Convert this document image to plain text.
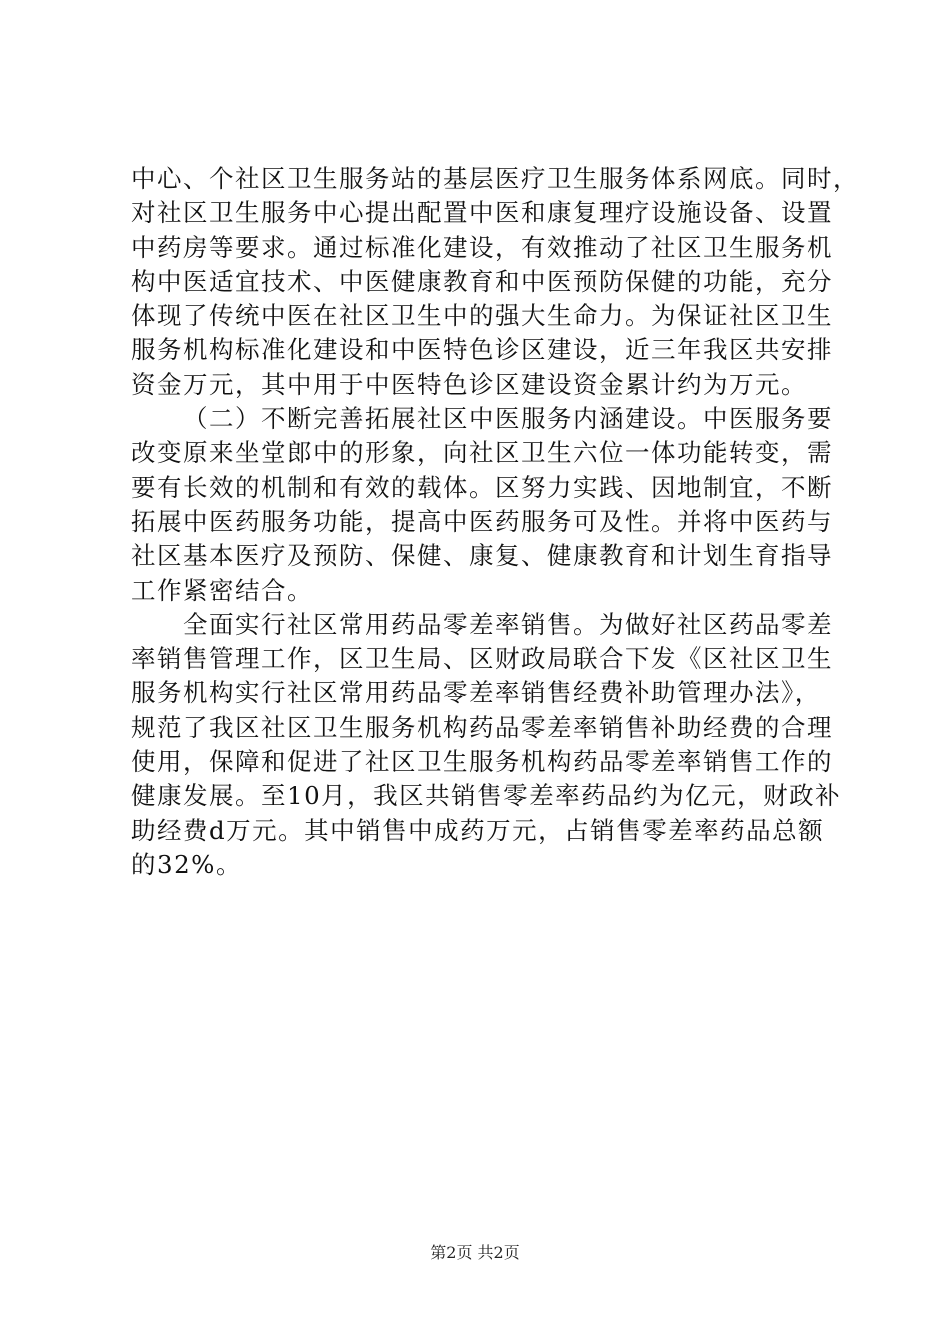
中心、个社区卫生服务站的基层医疗卫生服务体系网底。同时，
对社区卫生服务中心提出配置中医和康复理疗设施设备、设置
中药房等要求。通过标准化建设，有效推动了社区卫生服务机
构中医适宜技术、中医健康教育和中医预防保健的功能，充分
体现了传统中医在社区卫生中的强大生命力。为保证社区卫生
服务机构标准化建设和中医特色诊区建设，近三年我区共安排
资金万元，其中用于中医特色诊区建设资金累计约为万元。

（二）不断完善拓展社区中医服务内涵建设。中医服务要
改变原来坐堂郎中的形象，向社区卫生六位一体功能转变，需
要有长效的机制和有效的载体。区努力实践、因地制宜，不断
拓展中医药服务功能，提高中医药服务可及性。并将中医药与
社区基本医疗及预防、保健、康复、健康教育和计划生育指导
工作紧密结合。

全面实行社区常用药品零差率销售。为做好社区药品零差
率销售管理工作，区卫生局、区财政局联合下发《区社区卫生
服务机构实行社区常用药品零差率销售经费补助管理办法》，
规范了我区社区卫生服务机构药品零差率销售补助经费的合理
使用，保障和促进了社区卫生服务机构药品零差率销售工作的
健康发展。至10月，我区共销售零差率药品约为亿元，财政补
助经费d万元。其中销售中成药万元，占销售零差率药品总额
的32%。

第2页 共2页
